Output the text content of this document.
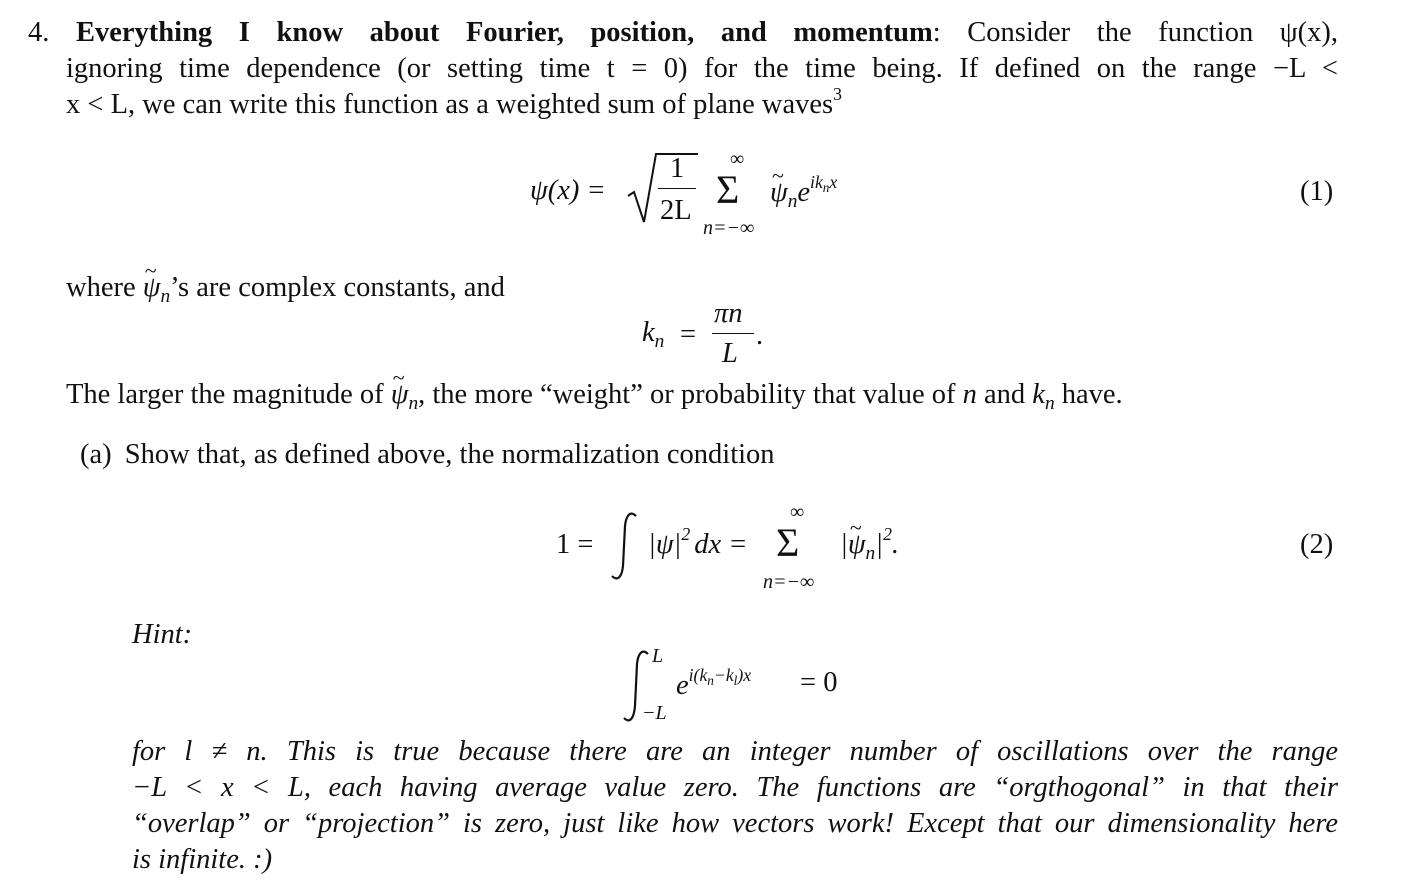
4. Everything I know about Fourier, position, and momentum: Consider the function ψ(x),
ignoring time dependence (or setting time t = 0) for the time being. If defined on the range −L <
x < L, we can write this function as a weighted sum of plane waves$^3$
ψ(x) =
1
2L
∞
Σ
n=−∞
~ $\psi_ne^{ik_nx}$	(1)
where ~ $\psi_n’s$ are complex constants, and
$k_n$ =
πn
L
.
The larger the magnitude of ~ $\psi_n$, the more “weight” or probability that value of n and $k_n$ have.
(a) Show that, as defined above, the normalization condition
$1 = |\psi|^2$ dx =
∞
Σ
n=−∞
|~ $\psi_n|^2$.	(2)
Hint:
L
−L
$e^{i(k_n-k_l)x} = 0$
for l ≠ n. This is true because there are an integer number of oscillations over the range
−L < x < L, each having average value zero. The functions are “orgthogonal” in that their
“overlap” or “projection” is zero, just like how vectors work! Except that our dimensionality here
is infinite. :)
